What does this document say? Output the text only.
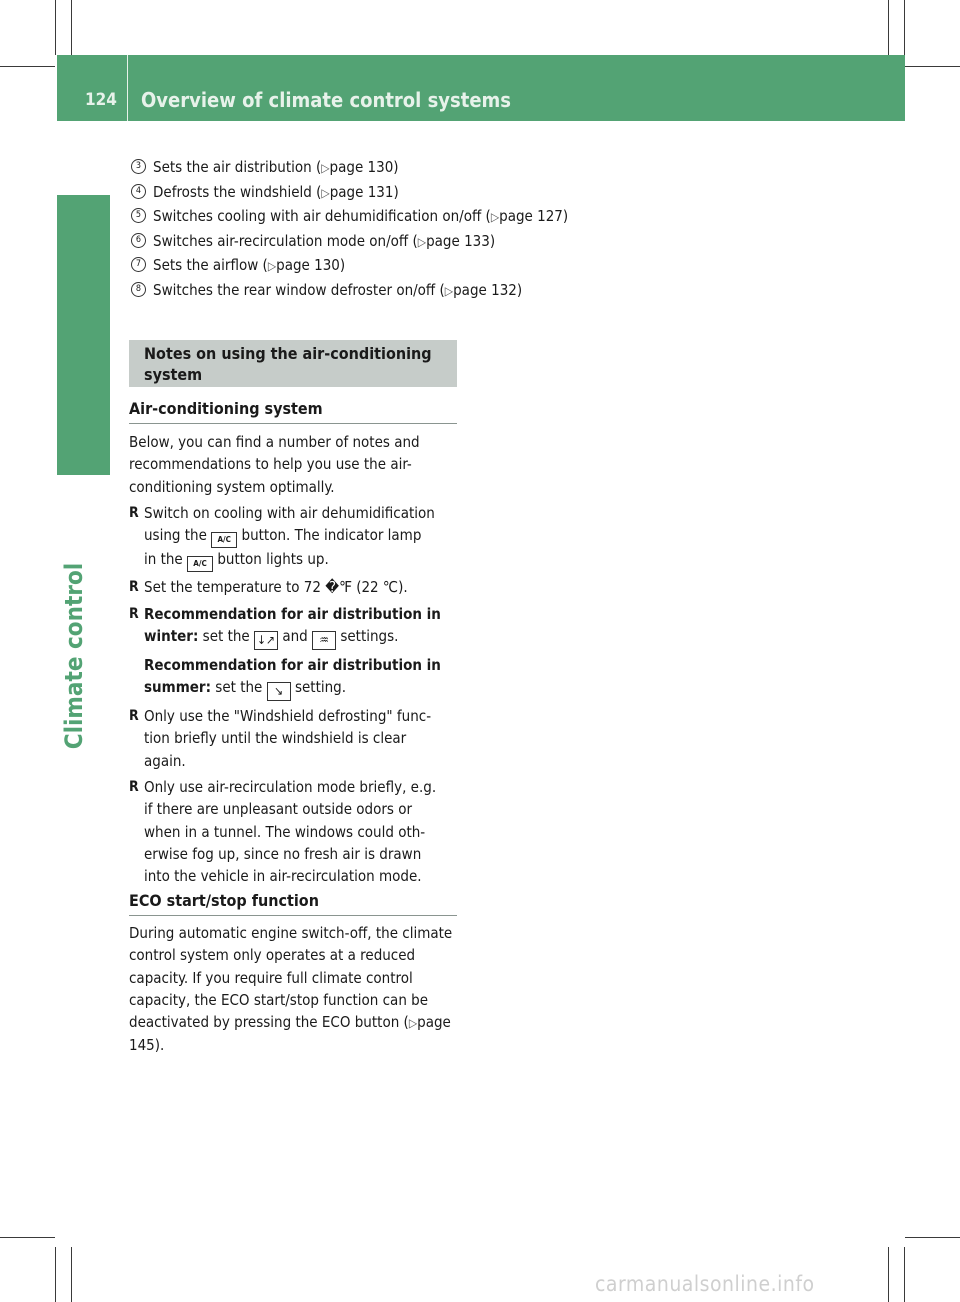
124 Overview of climate control systems
Climate control
3 Sets the air distribution (▷page 130)
4 Defrosts the windshield (▷page 131)
5 Switches cooling with air dehumidification on/off (▷page 127)
6 Switches air-recirculation mode on/off (▷page 133)
7 Sets the airflow (▷page 130)
8 Switches the rear window defroster on/off (▷page 132)
Notes on using the air-conditioning system
Air-conditioning system

Below, you can find a number of notes and recommendations to help you use the air-conditioning system optimally.

R Switch on cooling with air dehumidification
using the A/C button. The indicator lamp
in the A/C button lights up.
R Set the temperature to 72 �℉ (22 ℃).
R Recommendation for air distribution in
winter: set the ↓↗ and ♒ settings.
Recommendation for air distribution in
summer: set the ↘ setting.
R Only use the "Windshield defrosting" func-
tion briefly until the windshield is clear
again.
R Only use air-recirculation mode briefly, e.g.
if there are unpleasant outside odors or
when in a tunnel. The windows could oth-
erwise fog up, since no fresh air is drawn
into the vehicle in air-recirculation mode.
ECO start/stop function

During automatic engine switch-off, the climate control system only operates at a reduced capacity. If you require full climate control capacity, the ECO start/stop function can be deactivated by pressing the ECO button (▷page 145).

carmanualsonline.info
